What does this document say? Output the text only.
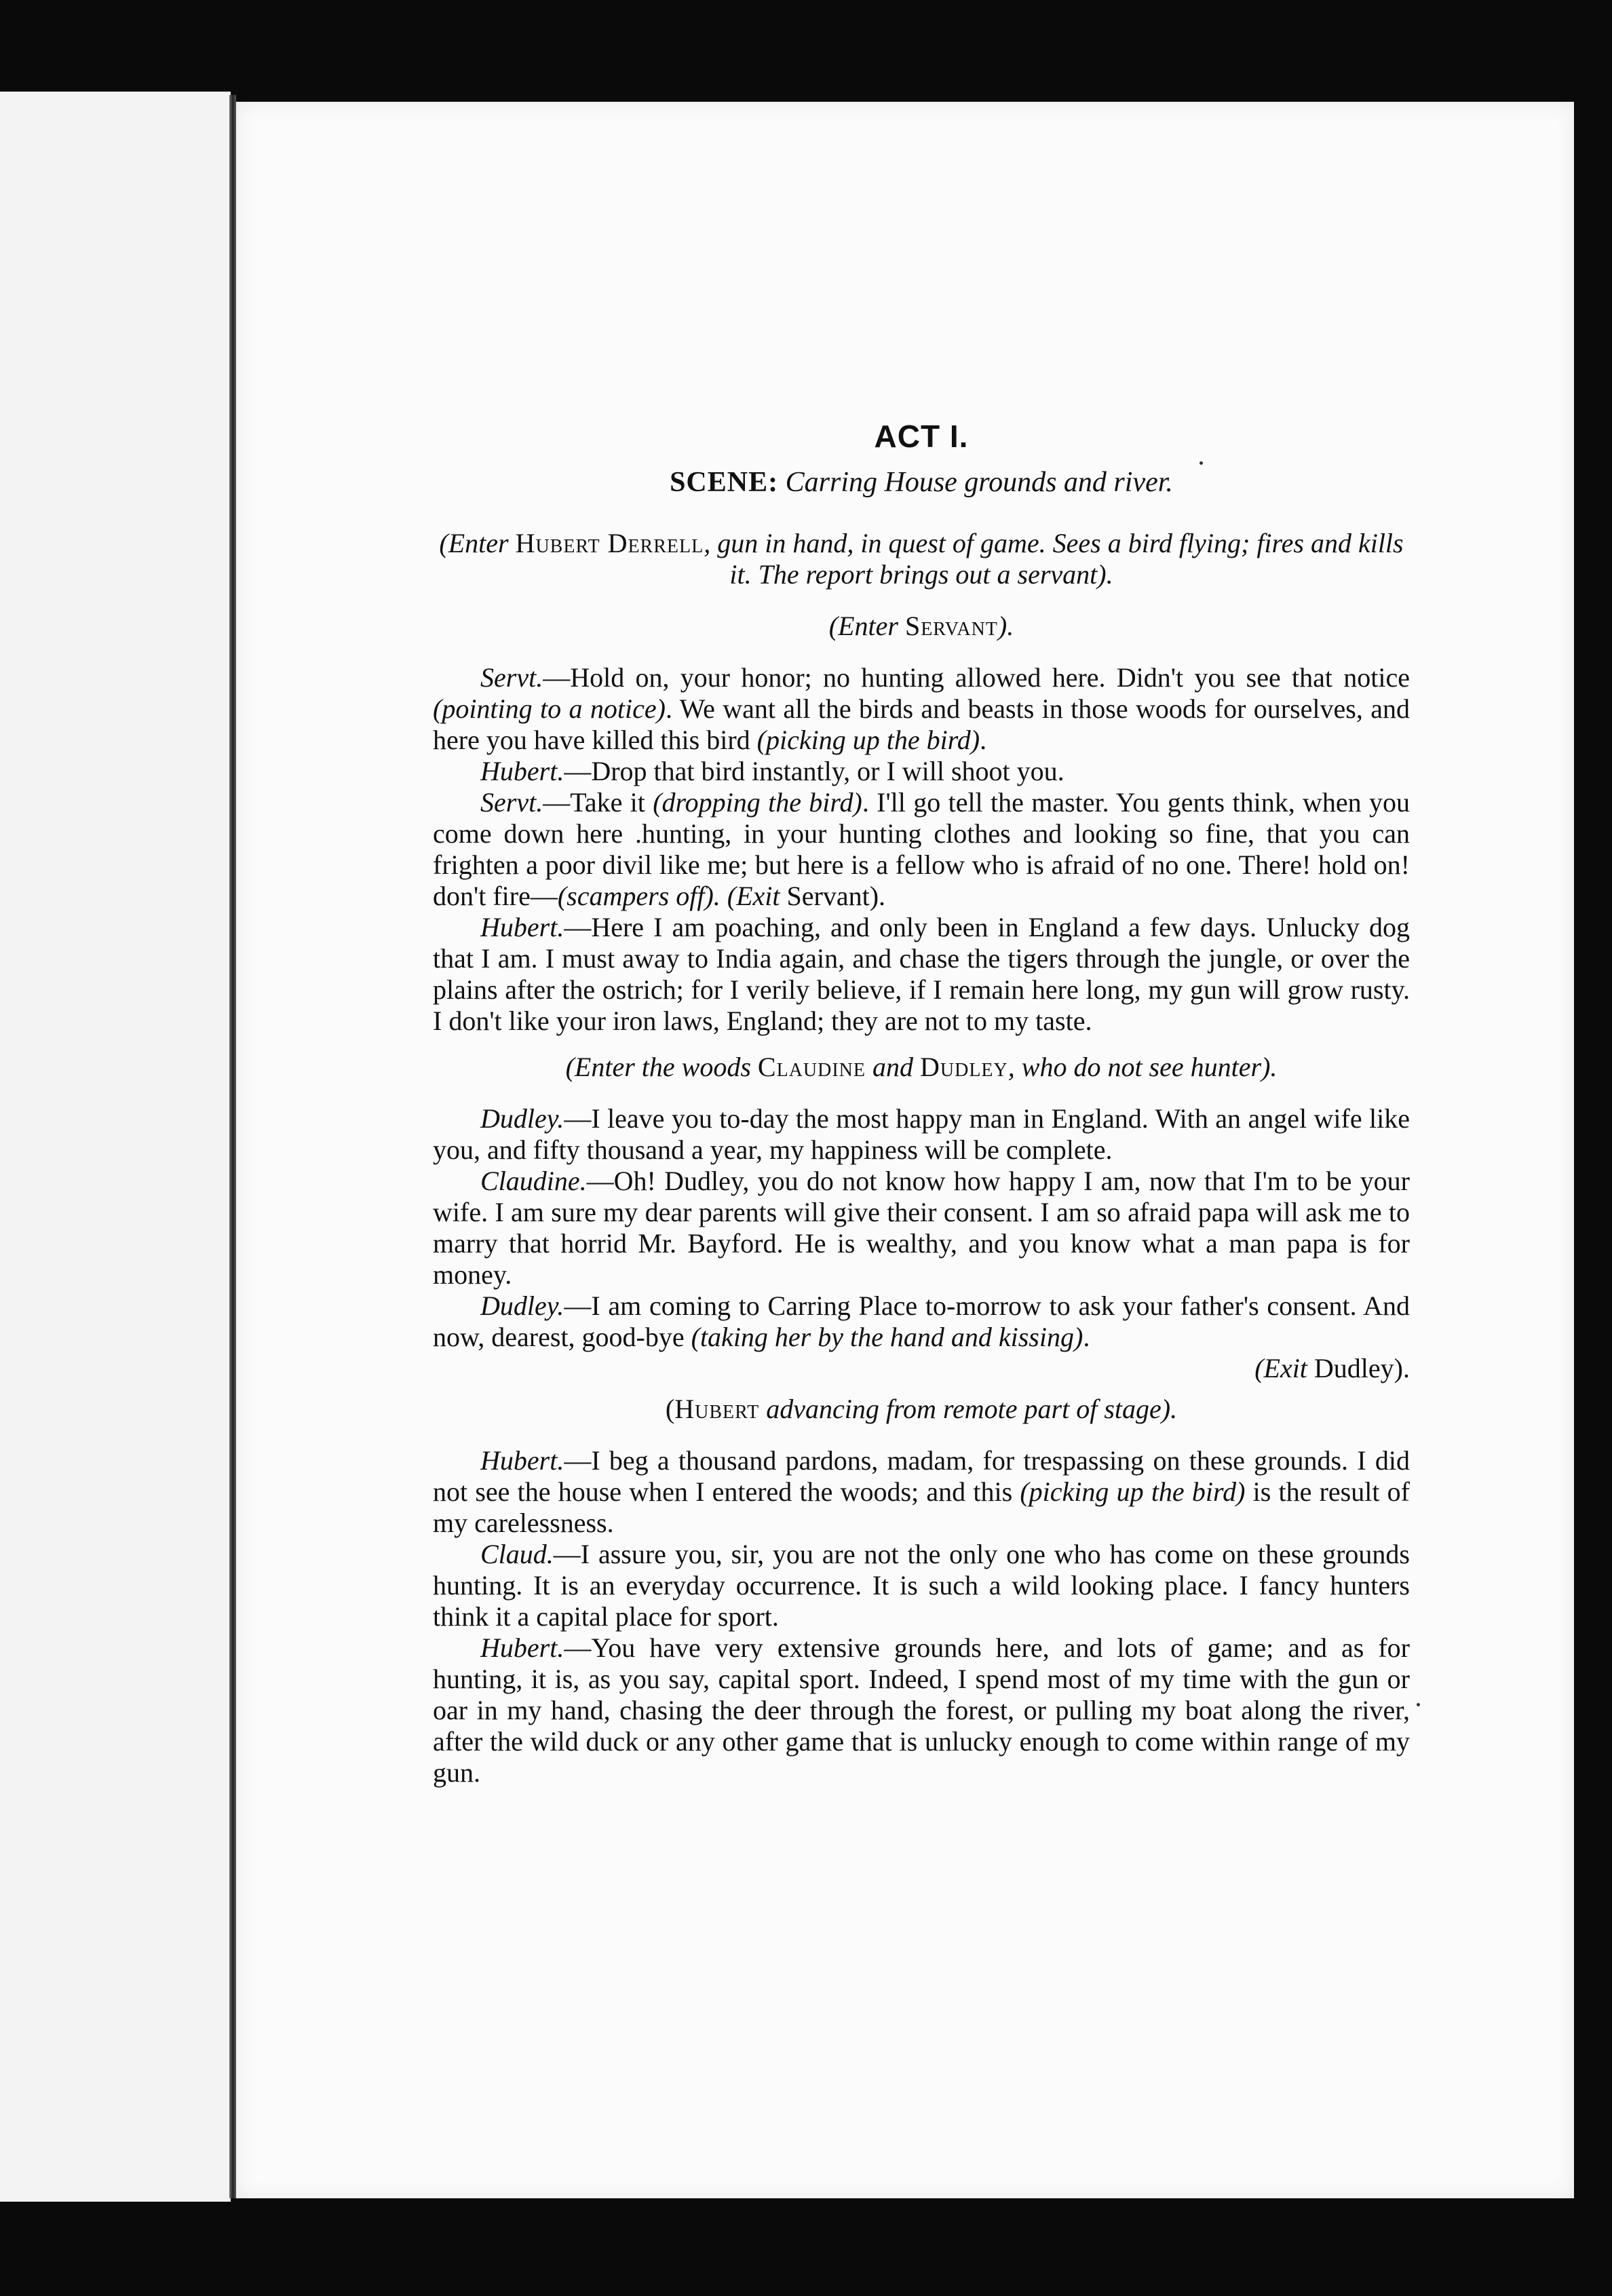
ACT I.
SCENE: Carring House grounds and river.
(Enter Hubert Derrell, gun in hand, in quest of game. Sees a bird flying; fires and kills it. The report brings out a servant).
(Enter Servant).

Servt.—Hold on, your honor; no hunting allowed here. Didn't you see that notice (pointing to a notice). We want all the birds and beasts in those woods for ourselves, and here you have killed this bird (picking up the bird).

Hubert.—Drop that bird instantly, or I will shoot you.

Servt.—Take it (dropping the bird). I'll go tell the master. You gents think, when you come down here .hunting, in your hunting clothes and looking so fine, that you can frighten a poor divil like me; but here is a fellow who is afraid of no one. There! hold on! don't fire—(scampers off). (Exit Servant).

Hubert.—Here I am poaching, and only been in England a few days. Unlucky dog that I am. I must away to India again, and chase the tigers through the jungle, or over the plains after the ostrich; for I verily believe, if I remain here long, my gun will grow rusty. I don't like your iron laws, England; they are not to my taste.

(Enter the woods Claudine and Dudley, who do not see hunter).

Dudley.—I leave you to-day the most happy man in England. With an angel wife like you, and fifty thousand a year, my happiness will be complete.

Claudine.—Oh! Dudley, you do not know how happy I am, now that I'm to be your wife. I am sure my dear parents will give their consent. I am so afraid papa will ask me to marry that horrid Mr. Bayford. He is wealthy, and you know what a man papa is for money.

Dudley.—I am coming to Carring Place to-morrow to ask your father's consent. And now, dearest, good-bye (taking her by the hand and kissing).

(Exit Dudley).
(Hubert advancing from remote part of stage).

Hubert.—I beg a thousand pardons, madam, for trespassing on these grounds. I did not see the house when I entered the woods; and this (picking up the bird) is the result of my carelessness.

Claud.—I assure you, sir, you are not the only one who has come on these grounds hunting. It is an everyday occurrence. It is such a wild looking place. I fancy hunters think it a capital place for sport.

Hubert.—You have very extensive grounds here, and lots of game; and as for hunting, it is, as you say, capital sport. Indeed, I spend most of my time with the gun or oar in my hand, chasing the deer through the forest, or pulling my boat along the river, after the wild duck or any other game that is unlucky enough to come within range of my gun.
